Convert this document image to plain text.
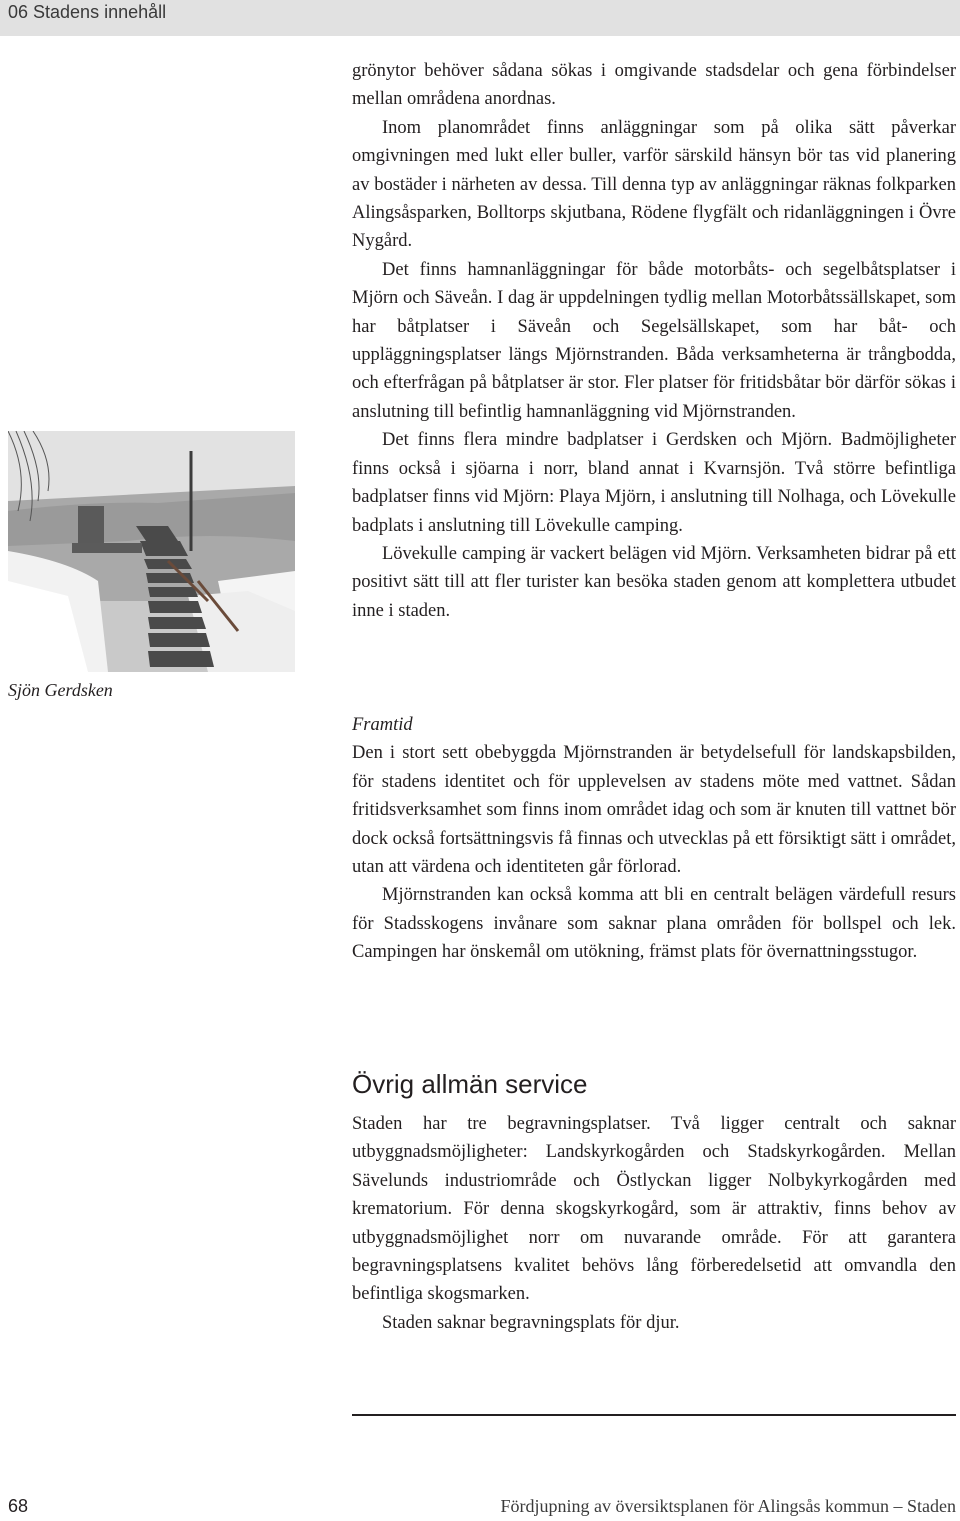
06 Stadens innehåll
Sjön Gerdsken

grönytor behöver sådana sökas i omgivande stadsdelar och gena förbindelser mellan områdena anordnas.

Inom planområdet finns anläggningar som på olika sätt påverkar omgivningen med lukt eller buller, varför särskild hänsyn bör tas vid planering av bostäder i närheten av dessa. Till denna typ av anläggningar räknas folkparken Alingsåsparken, Bolltorps skjutbana, Rödene flygfält och ridanläggningen i Övre Nygård.

Det finns hamnanläggningar för både motorbåts- och segelbåtsplatser i Mjörn och Säveån. I dag är uppdelningen tydlig mellan Motorbåtssällskapet, som har båtplatser i Säveån och Segelsällskapet, som har båt- och uppläggningsplatser längs Mjörnstranden. Båda verksamheterna är trångbodda, och efterfrågan på båtplatser är stor. Fler platser för fritidsbåtar bör därför sökas i anslutning till befintlig hamnanläggning vid Mjörnstranden.

Det finns flera mindre badplatser i Gerdsken och Mjörn. Badmöjligheter finns också i sjöarna i norr, bland annat i Kvarnsjön. Två större befintliga badplatser finns vid Mjörn: Playa Mjörn, i anslutning till Nolhaga, och Lövekulle badplats i anslutning till Lövekulle camping.

Lövekulle camping är vackert belägen vid Mjörn. Verksamheten bidrar på ett positivt sätt till att fler turister kan besöka staden genom att komplettera utbudet inne i staden.

Framtid

Den i stort sett obebyggda Mjörnstranden är betydelsefull för landskapsbilden, för stadens identitet och för upplevelsen av stadens möte med vattnet. Sådan fritidsverksamhet som finns inom området idag och som är knuten till vattnet bör dock också fortsättningsvis få finnas och utvecklas på ett försiktigt sätt i området, utan att värdena och identiteten går förlorad.

Mjörnstranden kan också komma att bli en centralt belägen värdefull resurs för Stadsskogens invånare som saknar plana områden för bollspel och lek. Campingen har önskemål om utökning, främst plats för övernattningsstugor.

Övrig allmän service

Staden har tre begravningsplatser. Två ligger centralt och saknar utbyggnadsmöjligheter: Landskyrkogården och Stadskyrkogården. Mellan Sävelunds industriområde och Östlyckan ligger Nolbykyrkogården med krematorium. För denna skogskyrkogård, som är attraktiv, finns behov av utbyggnadsmöjlighet norr om nuvarande område. För att garantera begravningsplatsens kvalitet behövs lång förberedelsetid att omvandla den befintliga skogsmarken.

Staden saknar begravningsplats för djur.

68	Fördjupning av översiktsplanen för Alingsås kommun – Staden
